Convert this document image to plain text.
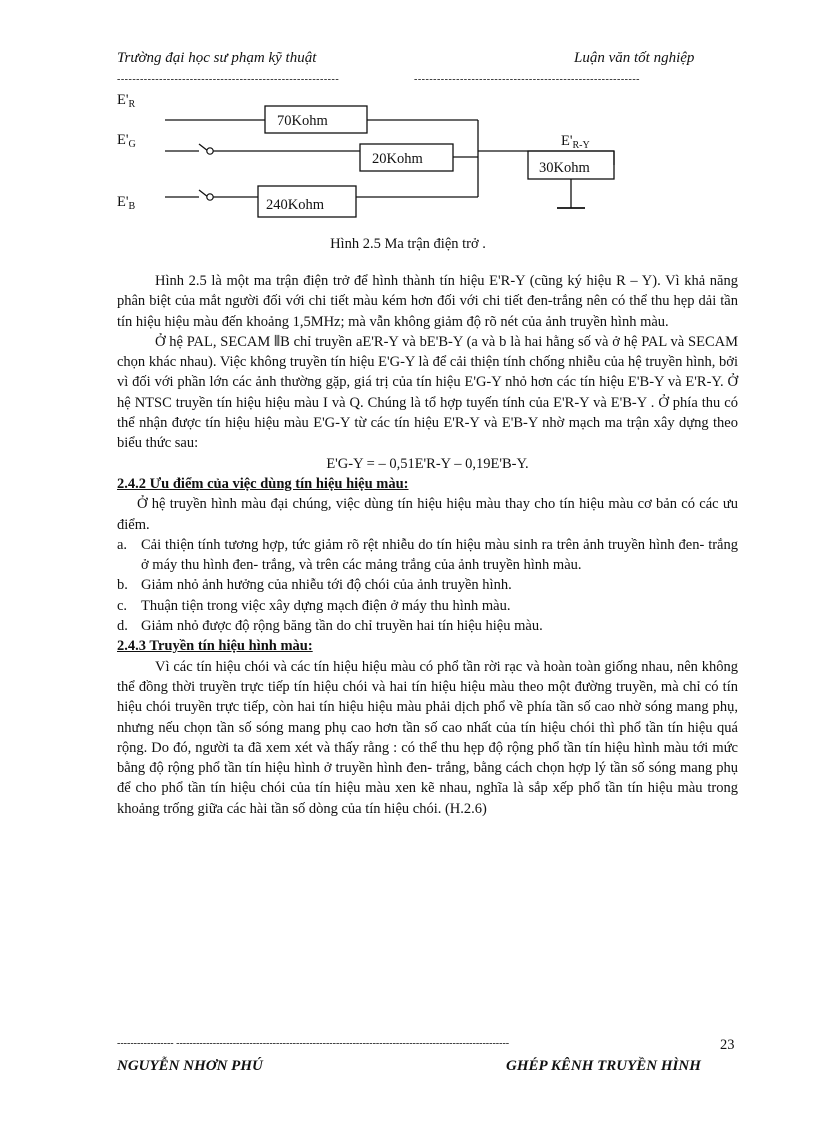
Trường đại học sư phạm kỹ thuật	Luận văn tốt nghiệp
----------------------------------------------------------	-----------------------------------------------------------
$E'_R$
$E'_G$
$E'_B$
70Kohm
20Kohm
240Kohm
30Kohm
$E'_{R-Y}$
Hình 2.5 Ma trận điện trở .

Hình 2.5 là một ma trận điện trở để hình thành tín hiệu E'R-Y (cũng ký hiệu R – Y). Vì khả năng phân biệt của mắt người đối với chi tiết màu kém hơn đối với chi tiết đen-trắng nên có thể thu hẹp dải tần tín hiệu hiệu màu đến khoảng 1,5MHz; mà vẫn không giảm độ rõ nét của ảnh truyền hình màu.

Ở hệ PAL, SECAM ⫴B chỉ truyền aE'R-Y và bE'B-Y (a và b là hai hằng số và ở hệ PAL và SECAM chọn khác nhau). Việc không truyền tín hiệu E'G-Y là để cải thiện tính chống nhiễu của hệ truyền hình, bởi vì đối với phần lớn các ảnh thường gặp, giá trị của tín hiệu E'G-Y nhỏ hơn các tín hiệu E'B-Y và E'R-Y. Ở hệ NTSC truyền tín hiệu hiệu màu I và Q. Chúng là tổ hợp tuyến tính của E'R-Y và E'B-Y . Ở phía thu có thể nhận được tín hiệu hiệu màu E'G-Y từ các tín hiệu E'R-Y và E'B-Y nhờ mạch ma trận xây dựng theo biểu thức sau:

E'G-Y = – 0,51E'R-Y – 0,19E'B-Y.

2.4.2 Ưu điểm của việc dùng tín hiệu hiệu màu:

Ở hệ truyền hình màu đại chúng, việc dùng tín hiệu hiệu màu thay cho tín hiệu màu cơ bản có các ưu điểm.

a. Cải thiện tính tương hợp, tức giảm rõ rệt nhiễu do tín hiệu màu sinh ra trên ảnh truyền hình đen- trắng ở máy thu hình đen- trắng, và trên các mảng trắng của ảnh truyền hình màu.
b. Giảm nhỏ ảnh hưởng của nhiễu tới độ chói của ảnh truyền hình.
c. Thuận tiện trong việc xây dựng mạch điện ở máy thu hình màu.
d. Giảm nhỏ được độ rộng băng tần do chỉ truyền hai tín hiệu hiệu màu.

2.4.3 Truyền tín hiệu hình màu:

Vì các tín hiệu chói và các tín hiệu hiệu màu có phổ tần rời rạc và hoàn toàn giống nhau, nên không thể đồng thời truyền trực tiếp tín hiệu chói và hai tín hiệu hiệu màu theo một đường truyền, mà chỉ có tín hiệu chói truyền trực tiếp, còn hai tín hiệu hiệu màu phải dịch phổ về phía tần số cao nhờ sóng mang phụ, nhưng nếu chọn tần số sóng mang phụ cao hơn tần số cao nhất của tín hiệu chói thì phổ tần tín hiệu quá rộng. Do đó, người ta đã xem xét và thấy rằng : có thể thu hẹp độ rộng phổ tần tín hiệu hình màu tới mức bằng độ rộng phổ tần tín hiệu hình ở truyền hình đen- trắng, bằng cách chọn hợp lý tần số sóng mang phụ để cho phổ tần tín hiệu chói của tín hiệu màu xen kẽ nhau, nghĩa là sắp xếp phổ tần tín hiệu màu trong khoảng trống giữa các hài tần số dòng của tín hiệu chói. (H.2.6)

----------------- ----------------------------------------------------------------------------------------------------	23
NGUYỄN NHƠN PHÚ	GHÉP KÊNH TRUYỀN HÌNH
